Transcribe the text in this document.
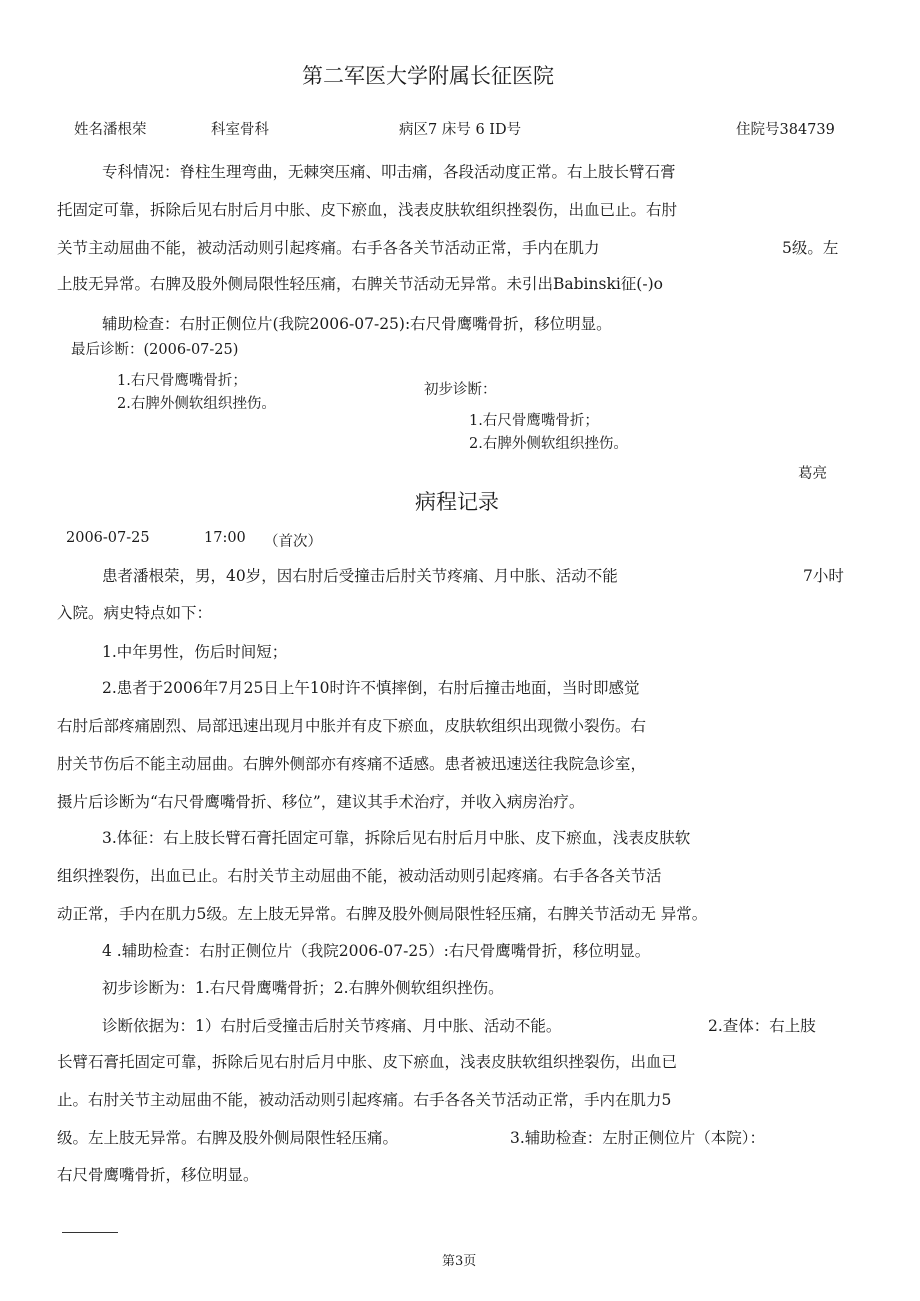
第二军医大学附属长征医院
姓名潘根荣	科室骨科	病区7 床号 6 ID号	住院号384739
专科情况：脊柱生理弯曲，无棘突压痛、叩击痛，各段活动度正常。右上肢长臂石膏
托固定可靠，拆除后见右肘后月中胀、皮下瘀血，浅表皮肤软组织挫裂伤，出血已止。右肘
关节主动屈曲不能，被动活动则引起疼痛。右手各各关节活动正常，手内在肌力	5级。左
上肢无异常。右脾及股外侧局限性轻压痛，右脾关节活动无异常。未引出Babinski征(-)o
辅助检查：右肘正侧位片(我院2006-07-25):右尺骨鹰嘴骨折，移位明显。
最后诊断：(2006-07-25)
1.右尺骨鹰嘴骨折；
2.右脾外侧软组织挫伤。
初步诊断：
1.右尺骨鹰嘴骨折；
2.右脾外侧软组织挫伤。
葛亮
病程记录
2006-07-25	17:00 （首次）
患者潘根荣，男，40岁，因右肘后受撞击后肘关节疼痛、月中胀、活动不能	7小时
入院。病史特点如下：
1.中年男性，伤后时间短；
2.患者于2006年7月25日上午10时许不慎摔倒，右肘后撞击地面，当时即感觉
右肘后部疼痛剧烈、局部迅速出现月中胀并有皮下瘀血，皮肤软组织出现微小裂伤。右
肘关节伤后不能主动屈曲。右脾外侧部亦有疼痛不适感。患者被迅速送往我院急诊室，
摄片后诊断为“右尺骨鹰嘴骨折、移位”，建议其手术治疗，并收入病房治疗。
3.体征：右上肢长臂石膏托固定可靠，拆除后见右肘后月中胀、皮下瘀血，浅表皮肤软
组织挫裂伤，出血已止。右肘关节主动屈曲不能，被动活动则引起疼痛。右手各各关节活
动正常，手内在肌力5级。左上肢无异常。右脾及股外侧局限性轻压痛，右脾关节活动无 异常。
4 .辅助检查：右肘正侧位片（我院2006-07-25）:右尺骨鹰嘴骨折，移位明显。
初步诊断为：1.右尺骨鹰嘴骨折；2.右脾外侧软组织挫伤。
诊断依据为：1）右肘后受撞击后肘关节疼痛、月中胀、活动不能。	2.查体：右上肢
长臂石膏托固定可靠，拆除后见右肘后月中胀、皮下瘀血，浅表皮肤软组织挫裂伤，出血已
止。右肘关节主动屈曲不能，被动活动则引起疼痛。右手各各关节活动正常，手内在肌力5
级。左上肢无异常。右脾及股外侧局限性轻压痛。	3.辅助检查：左肘正侧位片（本院）：
右尺骨鹰嘴骨折，移位明显。
第3页
